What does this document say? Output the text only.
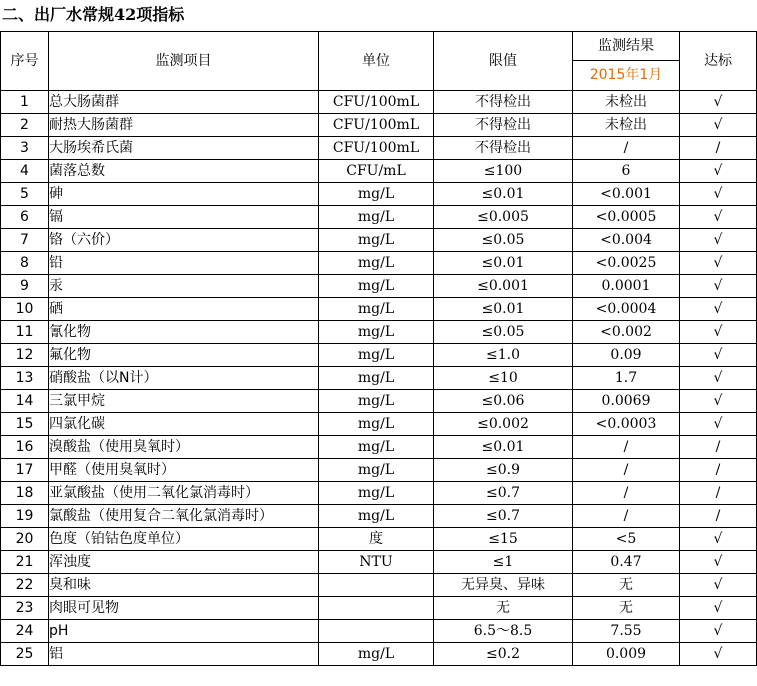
二、出厂水常规42项指标
序号	监测项目	单位	限值	监测结果	达标
				2015年1月	
1	总大肠菌群	CFU/100mL	不得检出	未检出	√
2	耐热大肠菌群	CFU/100mL	不得检出	未检出	√
3	大肠埃希氏菌	CFU/100mL	不得检出	/	/
4	菌落总数	CFU/mL	≤100	6	√
5	砷	mg/L	≤0.01	<0.001	√
6	镉	mg/L	≤0.005	<0.0005	√
7	铬（六价）	mg/L	≤0.05	<0.004	√
8	铅	mg/L	≤0.01	<0.0025	√
9	汞	mg/L	≤0.001	0.0001	√
10	硒	mg/L	≤0.01	<0.0004	√
11	氰化物	mg/L	≤0.05	<0.002	√
12	氟化物	mg/L	≤1.0	0.09	√
13	硝酸盐（以N计）	mg/L	≤10	1.7	√
14	三氯甲烷	mg/L	≤0.06	0.0069	√
15	四氯化碳	mg/L	≤0.002	<0.0003	√
16	溴酸盐（使用臭氧时）	mg/L	≤0.01	/	/
17	甲醛（使用臭氧时）	mg/L	≤0.9	/	/
18	亚氯酸盐（使用二氧化氯消毒时）	mg/L	≤0.7	/	/
19	氯酸盐（使用复合二氧化氯消毒时）	mg/L	≤0.7	/	/
20	色度（铂钴色度单位）	度	≤15	<5	√
21	浑浊度	NTU	≤1	0.47	√
22	臭和味		无异臭、异味	无	√
23	肉眼可见物		无	无	√
24	pH		6.5～8.5	7.55	√
25	铝	mg/L	≤0.2	0.009	√
